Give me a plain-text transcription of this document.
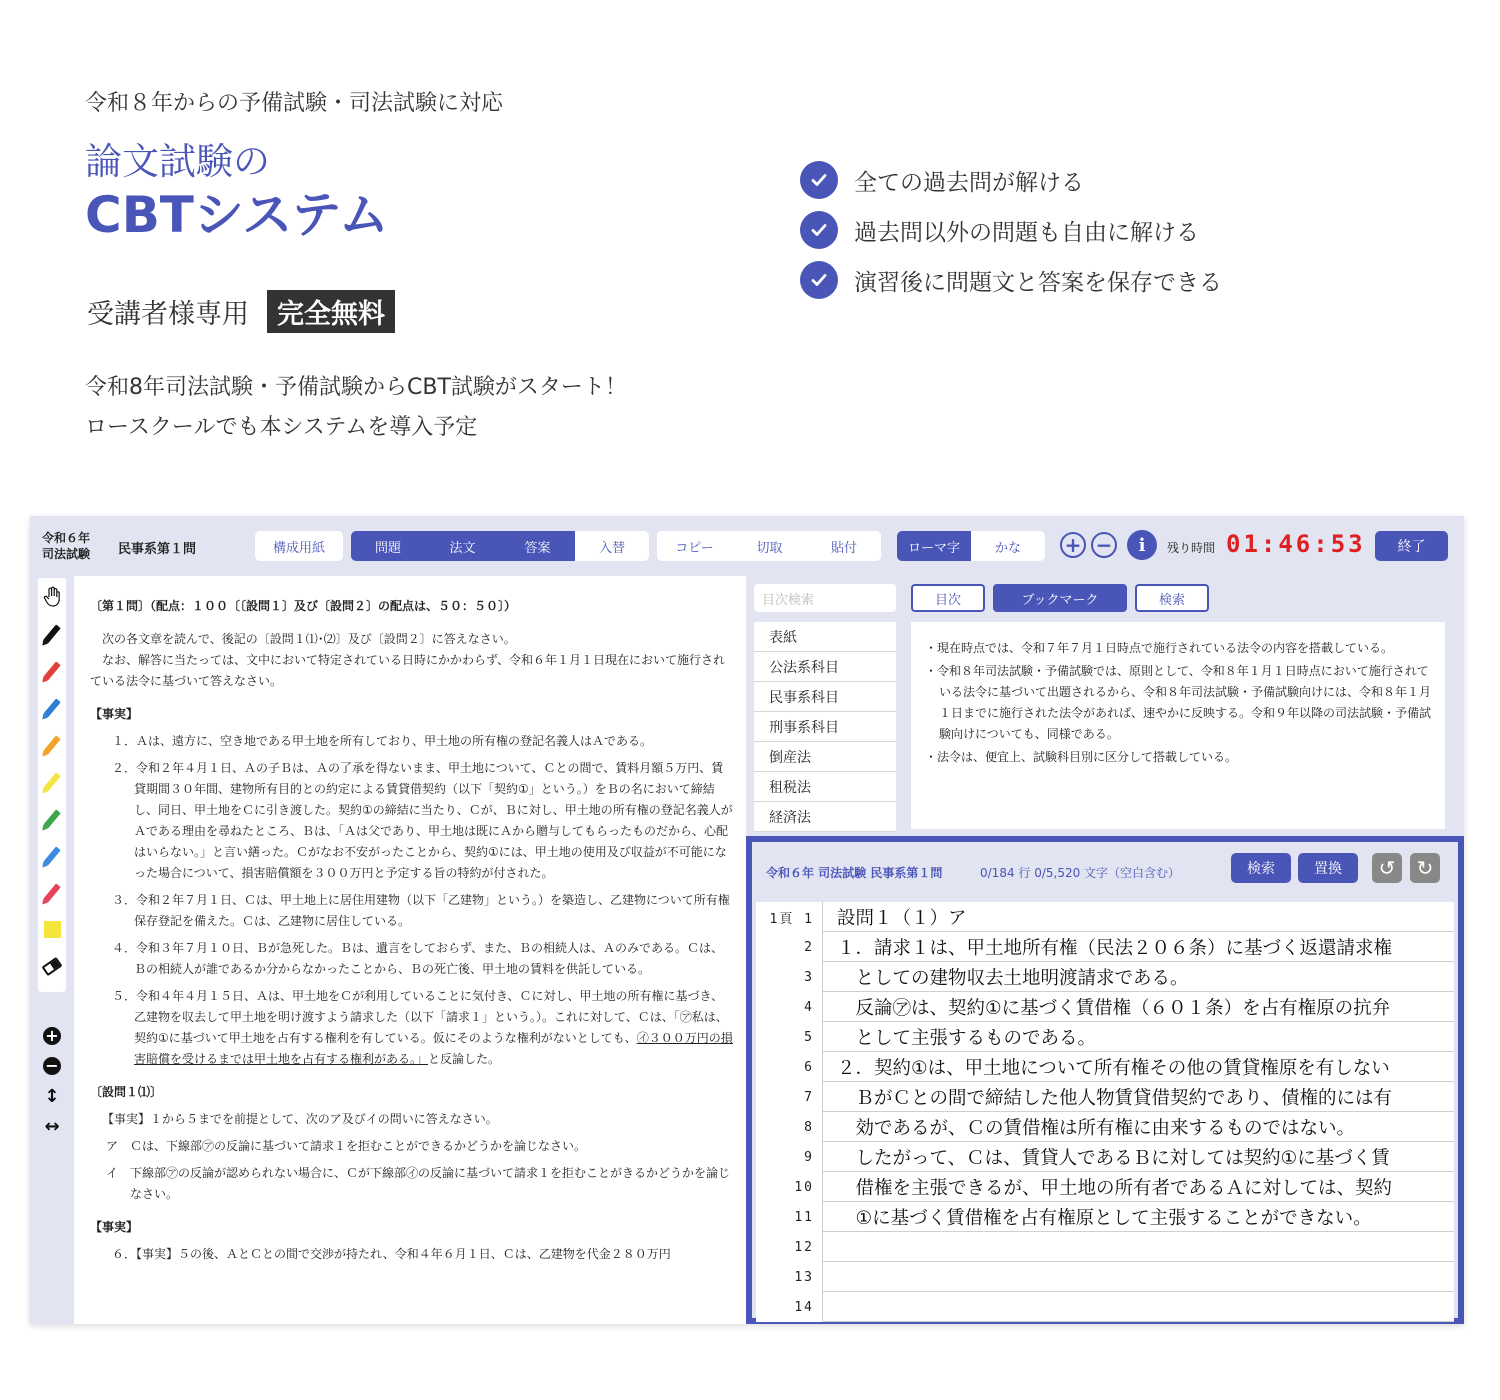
令和８年からの予備試験・司法試験に対応
論文試験の
CBTシステム
受講者様専用	完全無料
令和8年司法試験・予備試験からCBT試験がスタート！
ロースクールでも本システムを導入予定
全ての過去問が解ける
過去問以外の問題も自由に解ける
演習後に問題文と答案を保存できる
令和６年
司法試験 民事系第１問	構成用紙	問題	法文	答案	入替	コピー	切取	貼付	ローマ字	かな	+ −	i	残り時間 01:46:53	終了
+
−
↕
↔

〔第１問〕（配点：１００〔〔設問１〕及び〔設問２〕の配点は、５０：５０〕）

次の各文章を読んで、後記の〔設問１⑴･⑵〕及び〔設問２〕に答えなさい。

なお、解答に当たっては、文中において特定されている日時にかかわらず、令和６年１月１日現在において施行されている法令に基づいて答えなさい。

【事実】

１．Ａは、遠方に、空き地である甲土地を所有しており、甲土地の所有権の登記名義人はＡである。

２．令和２年４月１日、Ａの子Ｂは、Ａの了承を得ないまま、甲土地について、Ｃとの間で、賃料月額５万円、賃貸期間３０年間、建物所有目的との約定による賃貸借契約（以下「契約①」という。）をＢの名において締結し、同日、甲土地をＣに引き渡した。契約①の締結に当たり、Ｃが、Ｂに対し、甲土地の所有権の登記名義人がＡである理由を尋ねたところ、Ｂは、「Ａは父であり、甲土地は既にＡから贈与してもらったものだから、心配はいらない。」と言い繕った。Ｃがなお不安がったことから、契約①には、甲土地の使用及び収益が不可能になった場合について、損害賠償額を３００万円と予定する旨の特約が付された。

３．令和２年７月１日、Ｃは、甲土地上に居住用建物（以下「乙建物」という。）を築造し、乙建物について所有権保存登記を備えた。Ｃは、乙建物に居住している。

４．令和３年７月１０日、Ｂが急死した。Ｂは、遺言をしておらず、また、Ｂの相続人は、Ａのみである。Ｃは、Ｂの相続人が誰であるか分からなかったことから、Ｂの死亡後、甲土地の賃料を供託している。

５．令和４年４月１５日、Ａは、甲土地をＣが利用していることに気付き、Ｃに対し、甲土地の所有権に基づき、乙建物を収去して甲土地を明け渡すよう請求した（以下「請求１」という。）。これに対して、Ｃは、「㋐私は、契約①に基づいて甲土地を占有する権利を有している。仮にそのような権利がないとしても、㋑３００万円の損害賠償を受けるまでは甲土地を占有する権利がある。」と反論した。

〔設問１⑴〕

【事実】１から５までを前提として、次のア及びイの問いに答えなさい。

ア　Ｃは、下線部㋐の反論に基づいて請求１を拒むことができるかどうかを論じなさい。

イ　下線部㋐の反論が認められない場合に、Ｃが下線部㋑の反論に基づいて請求１を拒むことがきるかどうかを論じなさい。

【事実】

６．【事実】５の後、ＡとＣとの間で交渉が持たれ、令和４年６月１日、Ｃは、乙建物を代金２８０万円

目次検索	目次	ブックマーク	検索
表紙
公法系科目
民事系科目
刑事系科目
倒産法
租税法
経済法

・現在時点では、令和７年７月１日時点で施行されている法令の内容を搭載している。

・令和８年司法試験・予備試験では、原則として、令和８年１月１日時点において施行されている法令に基づいて出題されるから、令和８年司法試験・予備試験向けには、令和８年１月１日までに施行された法令があれば、速やかに反映する。令和９年以降の司法試験・予備試験向けについても、同様である。

・法令は、便宜上、試験科目別に区分して搭載している。

令和６年 司法試験 民事系第１問	0/184 行 0/5,520 文字（空白含む）	検索	置換	↺	↻
1頁 1	設問１（１）ア
2	１．請求１は、甲土地所有権（民法２０６条）に基づく返還請求権
3	　としての建物収去土地明渡請求である。
4	　反論㋐は、契約①に基づく賃借権（６０１条）を占有権原の抗弁
5	　として主張するものである。
6	２．契約①は、甲土地について所有権その他の賃貸権原を有しない
7	　ＢがＣとの間で締結した他人物賃貸借契約であり、債権的には有
8	　効であるが、Ｃの賃借権は所有権に由来するものではない。
9	　したがって、Ｃは、賃貸人であるＢに対しては契約①に基づく賃
10	　借権を主張できるが、甲土地の所有者であるＡに対しては、契約
11	　①に基づく賃借権を占有権原として主張することができない。
12
13
14
